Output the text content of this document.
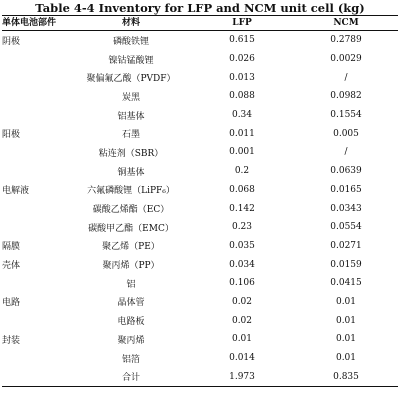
Table 4-4 Inventory for LFP and NCM unit cell (kg)
单体电池部件	材料	LFP	NCM
阴极	磷酸铁锂	0.615	0.2789
	镍钴锰酸锂	0.026	0.0029
	聚偏氟乙酸（PVDF）	0.013	/
	炭黑	0.088	0.0982
	铝基体	0.34	0.1554
阳极	石墨	0.011	0.005
	粘连剂（SBR）	0.001	/
	铜基体	0.2	0.0639
电解液	六氟磷酸锂（LiPF₆）	0.068	0.0165
	碳酸乙烯酯（EC）	0.142	0.0343
	碳酸甲乙酯（EMC）	0.23	0.0554
隔膜	聚乙烯（PE）	0.035	0.0271
壳体	聚丙烯（PP）	0.034	0.0159
	铝	0.106	0.0415
电路	晶体管	0.02	0.01
	电路板	0.02	0.01
封装	聚丙烯	0.01	0.01
	铝箔	0.014	0.01
	合计	1.973	0.835
